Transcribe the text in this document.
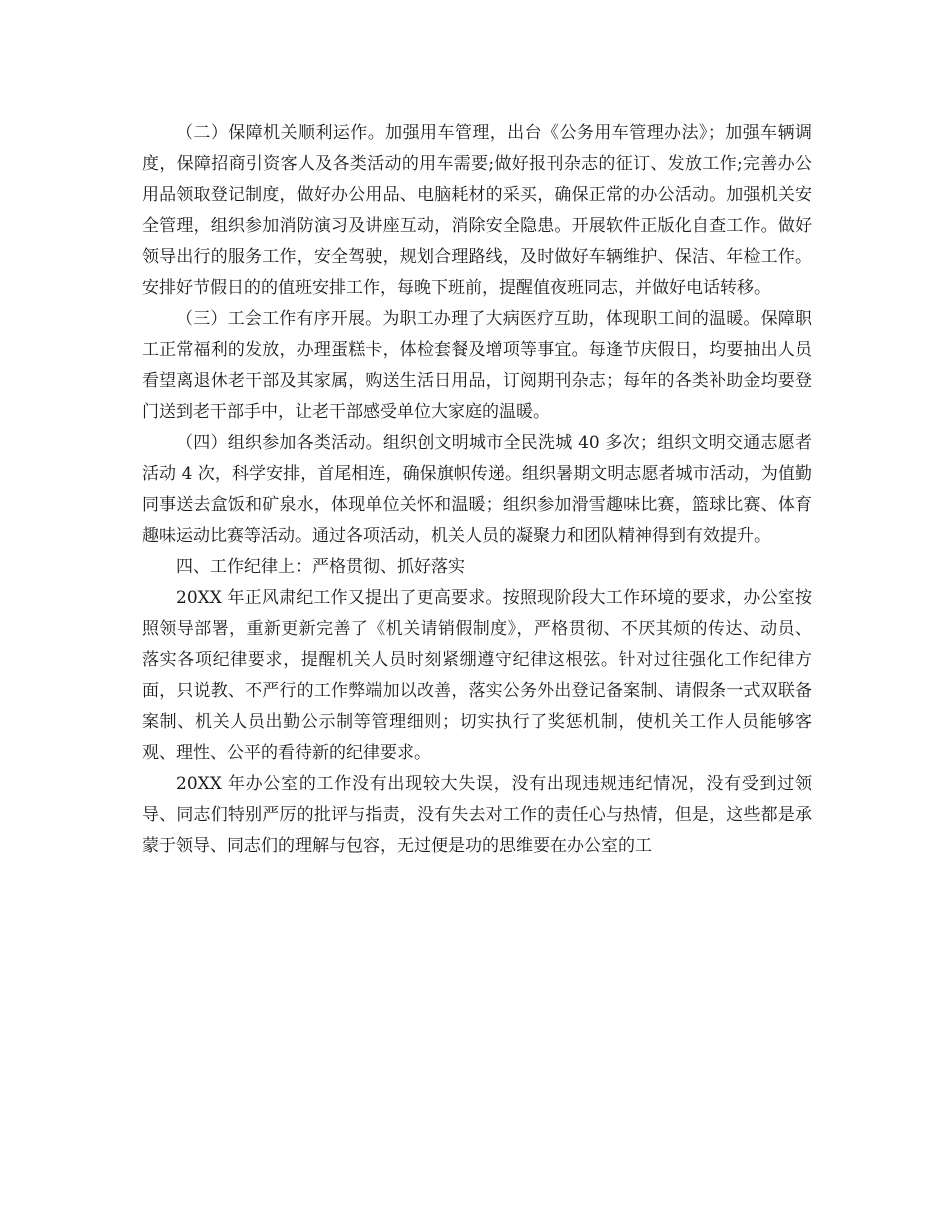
（二）保障机关顺利运作。加强用车管理，出台《公务用车管理办法》；加强车辆调度，保障招商引资客人及各类活动的用车需要;做好报刊杂志的征订、发放工作;完善办公用品领取登记制度，做好办公用品、电脑耗材的采买，确保正常的办公活动。加强机关安全管理，组织参加消防演习及讲座互动，消除安全隐患。开展软件正版化自查工作。做好领导出行的服务工作，安全驾驶，规划合理路线，及时做好车辆维护、保洁、年检工作。安排好节假日的的值班安排工作，每晚下班前，提醒值夜班同志，并做好电话转移。

（三）工会工作有序开展。为职工办理了大病医疗互助，体现职工间的温暖。保障职工正常福利的发放，办理蛋糕卡，体检套餐及增项等事宜。每逢节庆假日，均要抽出人员看望离退休老干部及其家属，购送生活日用品，订阅期刊杂志；每年的各类补助金均要登门送到老干部手中，让老干部感受单位大家庭的温暖。

（四）组织参加各类活动。组织创文明城市全民洗城 40 多次；组织文明交通志愿者活动 4 次，科学安排，首尾相连，确保旗帜传递。组织暑期文明志愿者城市活动，为值勤同事送去盒饭和矿泉水，体现单位关怀和温暖；组织参加滑雪趣味比赛，篮球比赛、体育趣味运动比赛等活动。通过各项活动，机关人员的凝聚力和团队精神得到有效提升。

四、工作纪律上：严格贯彻、抓好落实

20XX 年正风肃纪工作又提出了更高要求。按照现阶段大工作环境的要求，办公室按照领导部署，重新更新完善了《机关请销假制度》，严格贯彻、不厌其烦的传达、动员、落实各项纪律要求，提醒机关人员时刻紧绷遵守纪律这根弦。针对过往强化工作纪律方面，只说教、不严行的工作弊端加以改善，落实公务外出登记备案制、请假条一式双联备案制、机关人员出勤公示制等管理细则；切实执行了奖惩机制，使机关工作人员能够客观、理性、公平的看待新的纪律要求。

20XX 年办公室的工作没有出现较大失误，没有出现违规违纪情况，没有受到过领导、同志们特别严厉的批评与指责，没有失去对工作的责任心与热情，但是，这些都是承蒙于领导、同志们的理解与包容，无过便是功的思维要在办公室的工
